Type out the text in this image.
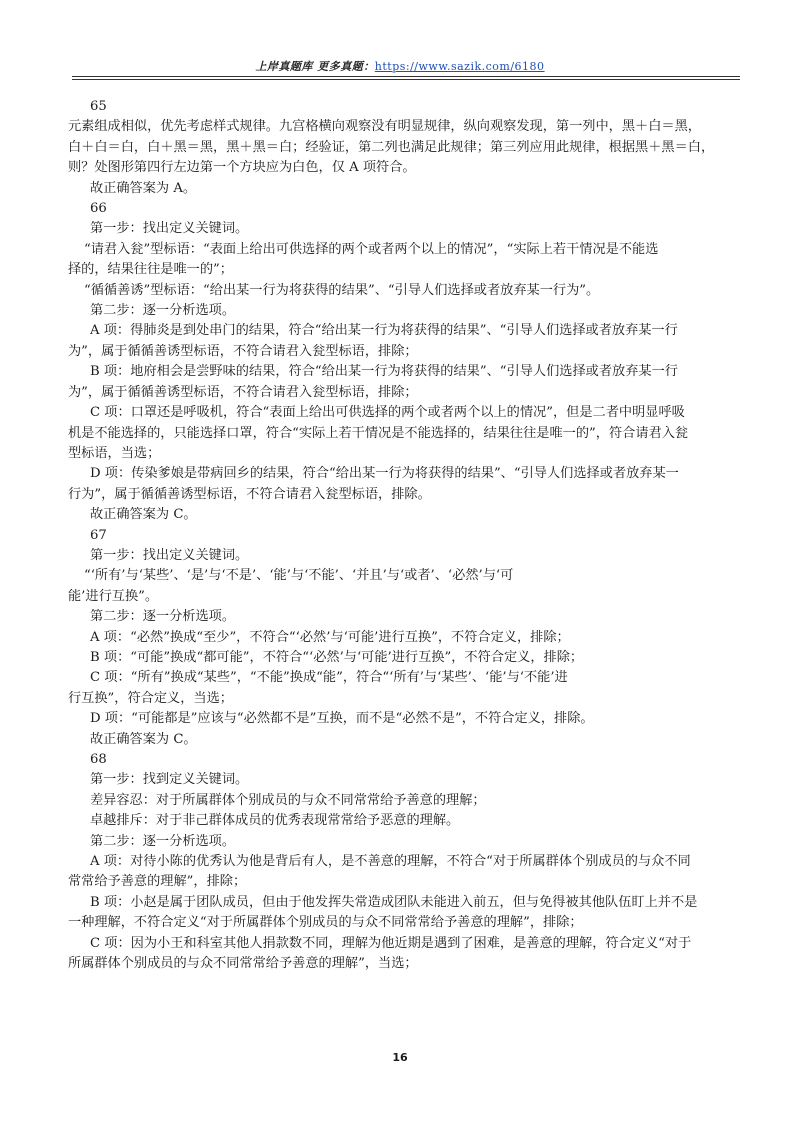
上岸真题库 更多真题：https://www.sazik.com/6180
65
元素组成相似，优先考虑样式规律。九宫格横向观察没有明显规律，纵向观察发现，第一列中，黑＋白＝黑，
白＋白＝白，白＋黑＝黑，黑＋黑＝白；经验证，第二列也满足此规律；第三列应用此规律，根据黑＋黑＝白，
则？处图形第四行左边第一个方块应为白色，仅 A 项符合。
故正确答案为 A。
66
第一步：找出定义关键词。
“请君入瓮”型标语：“表面上给出可供选择的两个或者两个以上的情况”，“实际上若干情况是不能选
择的，结果往往是唯一的”；
“循循善诱”型标语：“给出某一行为将获得的结果”、“引导人们选择或者放弃某一行为”。
第二步：逐一分析选项。
A 项：得肺炎是到处串门的结果，符合“给出某一行为将获得的结果”、“引导人们选择或者放弃某一行
为”，属于循循善诱型标语，不符合请君入瓮型标语，排除；
B 项：地府相会是尝野味的结果，符合“给出某一行为将获得的结果”、“引导人们选择或者放弃某一行
为”，属于循循善诱型标语，不符合请君入瓮型标语，排除；
C 项：口罩还是呼吸机，符合“表面上给出可供选择的两个或者两个以上的情况”，但是二者中明显呼吸
机是不能选择的，只能选择口罩，符合“实际上若干情况是不能选择的，结果往往是唯一的”，符合请君入瓮
型标语，当选；
D 项：传染爹娘是带病回乡的结果，符合“给出某一行为将获得的结果”、“引导人们选择或者放弃某一
行为”，属于循循善诱型标语，不符合请君入瓮型标语，排除。
故正确答案为 C。
67
第一步：找出定义关键词。
“‘所有’与‘某些’、‘是’与‘不是’、‘能’与‘不能’、‘并且’与‘或者’、‘必然’与‘可
能’进行互换”。
第二步：逐一分析选项。
A 项：“必然”换成“至少”，不符合“‘必然’与‘可能’进行互换”，不符合定义，排除；
B 项：“可能”换成“都可能”，不符合“‘必然’与‘可能’进行互换”，不符合定义，排除；
C 项：“所有”换成“某些”，“不能”换成“能”，符合“‘所有’与‘某些’、‘能’与‘不能’进
行互换”，符合定义，当选；
D 项：“可能都是”应该与“必然都不是”互换，而不是“必然不是”，不符合定义，排除。
故正确答案为 C。
68
第一步：找到定义关键词。
差异容忍：对于所属群体个别成员的与众不同常常给予善意的理解；
卓越排斥：对于非己群体成员的优秀表现常常给予恶意的理解。
第二步：逐一分析选项。
A 项：对待小陈的优秀认为他是背后有人，是不善意的理解，不符合“对于所属群体个别成员的与众不同
常常给予善意的理解”，排除；
B 项：小赵是属于团队成员，但由于他发挥失常造成团队未能进入前五，但与免得被其他队伍盯上并不是
一种理解，不符合定义“对于所属群体个别成员的与众不同常常给予善意的理解”，排除；
C 项：因为小王和科室其他人捐款数不同，理解为他近期是遇到了困难，是善意的理解，符合定义“对于
所属群体个别成员的与众不同常常给予善意的理解”，当选；
16
